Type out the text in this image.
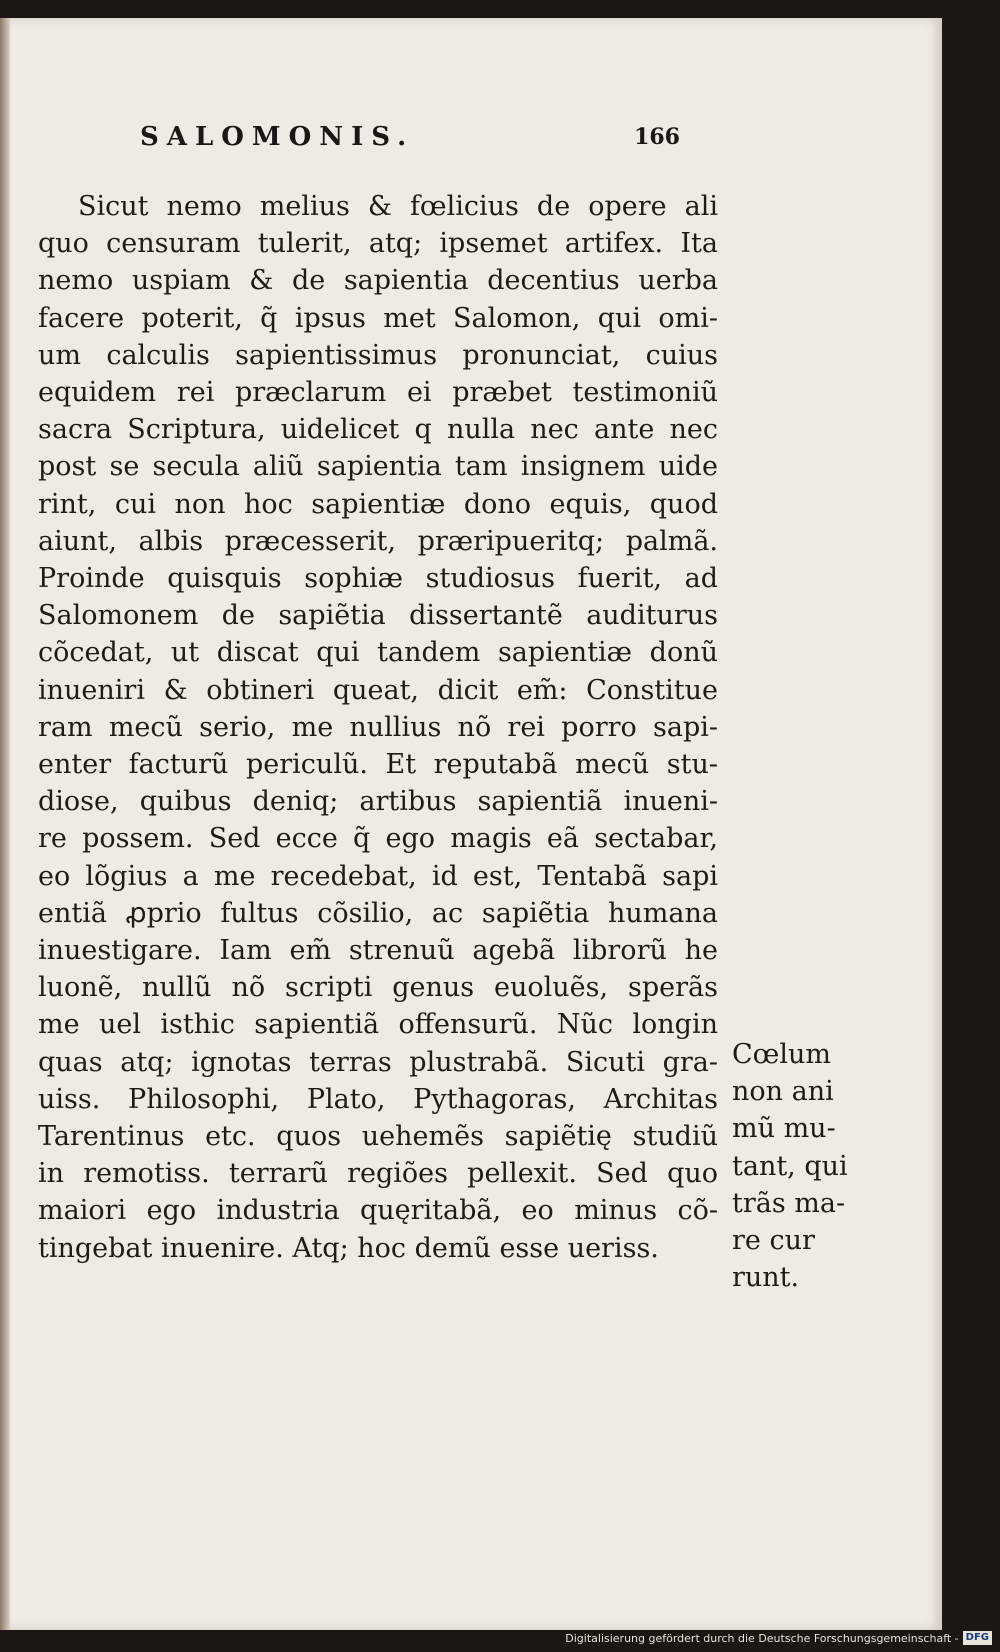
SALOMONIS.	166
Sicut nemo melius & fœlicius de opere ali
quo censuram tulerit, atq; ipsemet artifex. Ita
nemo uspiam & de sapientia decentius uerba
facere poterit, q̃ ipsus met Salomon, qui omi-
um calculis sapientissimus pronunciat, cuius
equidem rei præclarum ei præbet testimoniũ
sacra Scriptura, uidelicet q nulla nec ante nec
post se secula aliũ sapientia tam insignem uide
rint, cui non hoc sapientiæ dono equis, quod
aiunt, albis præcesserit, præripueritq; palmã.
Proinde quisquis sophiæ studiosus fuerit, ad
Salomonem de sapiẽtia dissertantẽ auditurus
cõcedat, ut discat qui tandem sapientiæ donũ
inueniri & obtineri queat, dicit em̃: Constitue
ram mecũ serio, me nullius nõ rei porro sapi-
enter facturũ periculũ. Et reputabã mecũ stu-
diose, quibus deniq; artibus sapientiã inueni-
re possem. Sed ecce q̃ ego magis eã sectabar,
eo lõgius a me recedebat, id est, Tentabã sapi
entiã ꝓprio fultus cõsilio, ac sapiẽtia humana
inuestigare. Iam em̃ strenuũ agebã librorũ he
luonẽ, nullũ nõ scripti genus euoluẽs, sperãs
me uel isthic sapientiã offensurũ. Nũc longin
quas atq; ignotas terras plustrabã. Sicuti gra-
uiss. Philosophi, Plato, Pythagoras, Architas
Tarentinus etc. quos uehemẽs sapiẽtię studiũ
in remotiss. terrarũ regiões pellexit. Sed quo
maiori ego industria quęritabã, eo minus cõ-
tingebat inuenire. Atq; hoc demũ esse ueriss.
Cœlum
non ani
mũ mu-
tant, qui
trãs ma-
re cur
runt.
Digitalisierung gefördert durch die Deutsche Forschungsgemeinschaft - DFG
